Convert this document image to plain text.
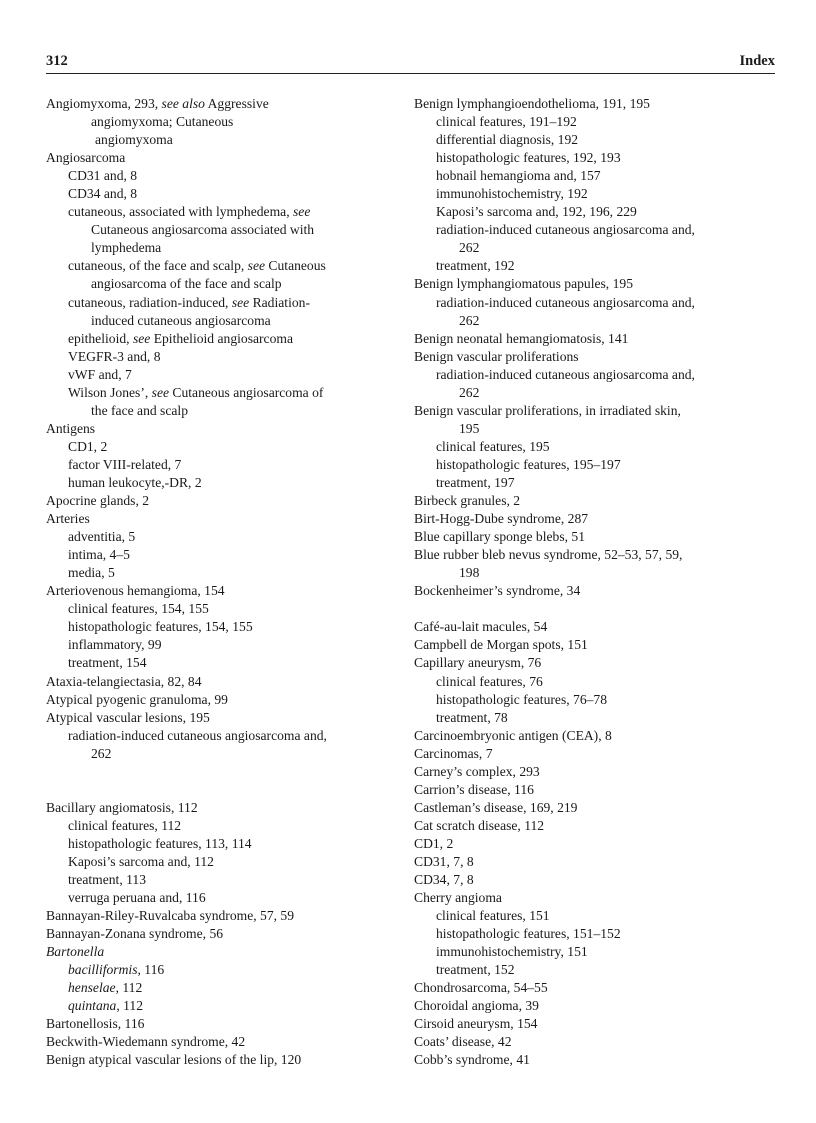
312	Index
Angiomyxoma, 293, see also Aggressive
angiomyxoma; Cutaneous
angiomyxoma
Angiosarcoma
CD31 and, 8
CD34 and, 8
cutaneous, associated with lymphedema, see
Cutaneous angiosarcoma associated with
lymphedema
cutaneous, of the face and scalp, see Cutaneous
angiosarcoma of the face and scalp
cutaneous, radiation-induced, see Radiation-
induced cutaneous angiosarcoma
epithelioid, see Epithelioid angiosarcoma
VEGFR-3 and, 8
vWF and, 7
Wilson Jones’, see Cutaneous angiosarcoma of
the face and scalp
Antigens
CD1, 2
factor VIII-related, 7
human leukocyte,-DR, 2
Apocrine glands, 2
Arteries
adventitia, 5
intima, 4–5
media, 5
Arteriovenous hemangioma, 154
clinical features, 154, 155
histopathologic features, 154, 155
inflammatory, 99
treatment, 154
Ataxia-telangiectasia, 82, 84
Atypical pyogenic granuloma, 99
Atypical vascular lesions, 195
radiation-induced cutaneous angiosarcoma and,
262
Bacillary angiomatosis, 112
clinical features, 112
histopathologic features, 113, 114
Kaposi’s sarcoma and, 112
treatment, 113
verruga peruana and, 116
Bannayan-Riley-Ruvalcaba syndrome, 57, 59
Bannayan-Zonana syndrome, 56
Bartonella
bacilliformis, 116
henselae, 112
quintana, 112
Bartonellosis, 116
Beckwith-Wiedemann syndrome, 42
Benign atypical vascular lesions of the lip, 120
Benign lymphangioendothelioma, 191, 195
clinical features, 191–192
differential diagnosis, 192
histopathologic features, 192, 193
hobnail hemangioma and, 157
immunohistochemistry, 192
Kaposi’s sarcoma and, 192, 196, 229
radiation-induced cutaneous angiosarcoma and,
262
treatment, 192
Benign lymphangiomatous papules, 195
radiation-induced cutaneous angiosarcoma and,
262
Benign neonatal hemangiomatosis, 141
Benign vascular proliferations
radiation-induced cutaneous angiosarcoma and,
262
Benign vascular proliferations, in irradiated skin,
195
clinical features, 195
histopathologic features, 195–197
treatment, 197
Birbeck granules, 2
Birt-Hogg-Dube syndrome, 287
Blue capillary sponge blebs, 51
Blue rubber bleb nevus syndrome, 52–53, 57, 59,
198
Bockenheimer’s syndrome, 34
Café-au-lait macules, 54
Campbell de Morgan spots, 151
Capillary aneurysm, 76
clinical features, 76
histopathologic features, 76–78
treatment, 78
Carcinoembryonic antigen (CEA), 8
Carcinomas, 7
Carney’s complex, 293
Carrion’s disease, 116
Castleman’s disease, 169, 219
Cat scratch disease, 112
CD1, 2
CD31, 7, 8
CD34, 7, 8
Cherry angioma
clinical features, 151
histopathologic features, 151–152
immunohistochemistry, 151
treatment, 152
Chondrosarcoma, 54–55
Choroidal angioma, 39
Cirsoid aneurysm, 154
Coats’ disease, 42
Cobb’s syndrome, 41
